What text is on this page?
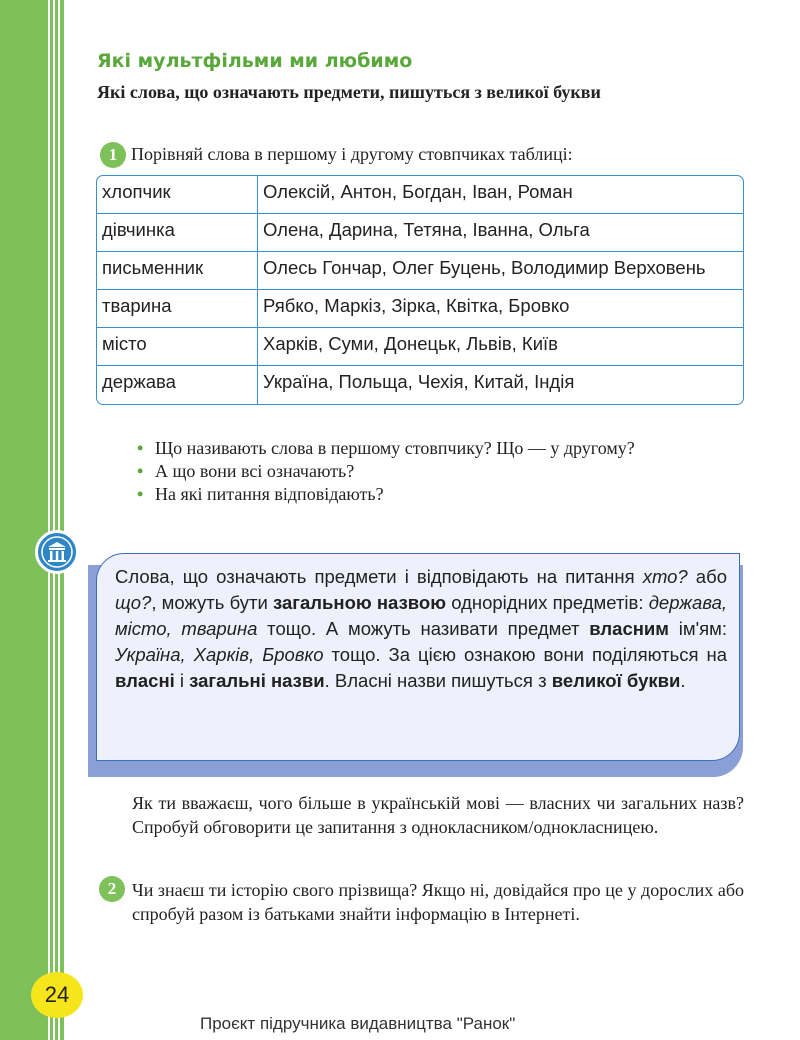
Які мультфільми ми любимо
Які слова, що означають предмети, пишуться з великої букви
1 Порівняй слова в першому і другому стовпчиках таблиці:
хлопчик	Олексій, Антон, Богдан, Іван, Роман
дівчинка	Олена, Дарина, Тетяна, Іванна, Ольга
письменник	Олесь Гончар, Олег Буцень, Володимир Верховень
тварина	Рябко, Маркіз, Зірка, Квітка, Бровко
місто	Харків, Суми, Донецьк, Львів, Київ
держава	Україна, Польща, Чехія, Китай, Індія
• Що називають слова в першому стовпчику? Що — у другому?
• А що вони всі означають?
• На які питання відповідають?
Слова, що означають предмети і відповідають на питання хто? або що?, можуть бути загальною назвою однорідних предметів: держава, місто, тварина тощо. А можуть називати предмет власним ім'ям: Україна, Харків, Бровко тощо. За цією ознакою вони поділяються на власні і загальні назви. Власні назви пишуться з великої букви.
Як ти вважаєш, чого більше в українській мові — власних чи загальних назв? Спробуй обговорити це запитання з однокласником/однокласницею.
2 Чи знаєш ти історію свого прізвища? Якщо ні, довідайся про це у дорослих або спробуй разом із батьками знайти інформацію в Інтернеті.
24
Проєкт підручника видавництва "Ранок"
